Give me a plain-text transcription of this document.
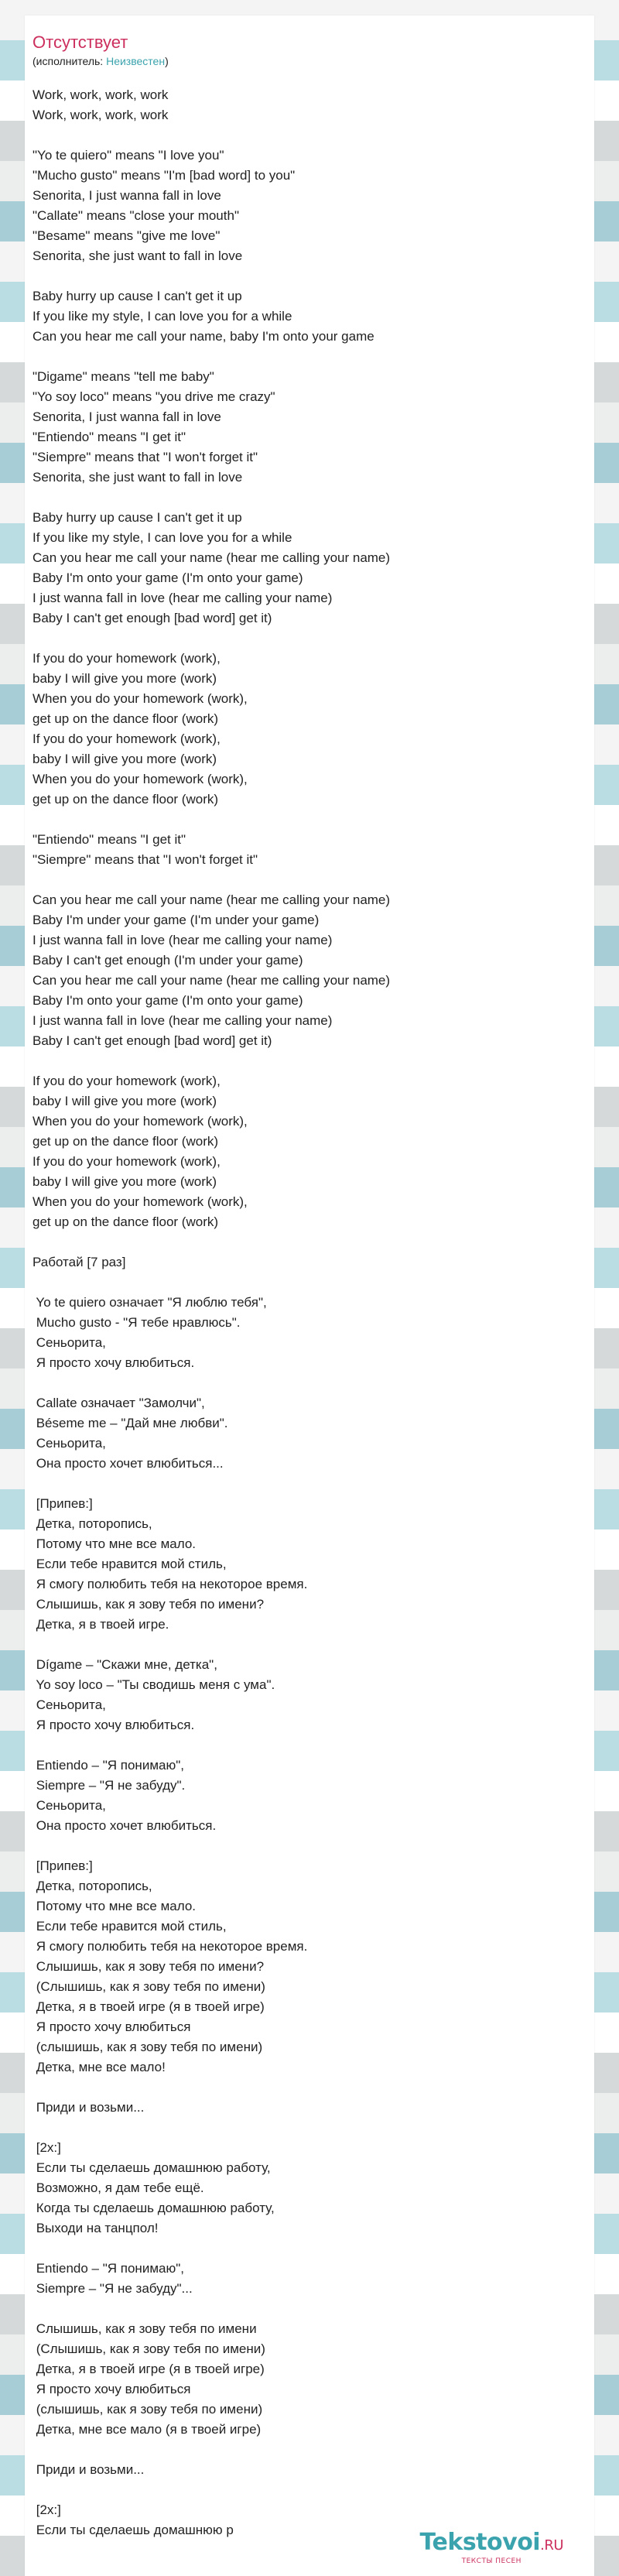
Отсутствует
(исполнитель: Неизвестен)
Work, work, work, work
Work, work, work, work
"Yo te quiero" means "I love you"
"Mucho gusto" means "I'm [bad word] to you"
Senorita, I just wanna fall in love
"Callate" means "close your mouth"
"Besame" means "give me love"
Senorita, she just want to fall in love
Baby hurry up cause I can't get it up
If you like my style, I can love you for a while
Can you hear me call your name, baby I'm onto your game
"Digame" means "tell me baby"
"Yo soy loco" means "you drive me crazy"
Senorita, I just wanna fall in love
"Entiendo" means "I get it"
"Siempre" means that "I won't forget it"
Senorita, she just want to fall in love
Baby hurry up cause I can't get it up
If you like my style, I can love you for a while
Can you hear me call your name (hear me calling your name)
Baby I'm onto your game (I'm onto your game)
I just wanna fall in love (hear me calling your name)
Baby I can't get enough [bad word] get it)
If you do your homework (work),
baby I will give you more (work)
When you do your homework (work),
get up on the dance floor (work)
If you do your homework (work),
baby I will give you more (work)
When you do your homework (work),
get up on the dance floor (work)
"Entiendo" means "I get it"
"Siempre" means that "I won't forget it"
Can you hear me call your name (hear me calling your name)
Baby I'm under your game (I'm under your game)
I just wanna fall in love (hear me calling your name)
Baby I can't get enough (I'm under your game)
Can you hear me call your name (hear me calling your name)
Baby I'm onto your game (I'm onto your game)
I just wanna fall in love (hear me calling your name)
Baby I can't get enough [bad word] get it)
If you do your homework (work),
baby I will give you more (work)
When you do your homework (work),
get up on the dance floor (work)
If you do your homework (work),
baby I will give you more (work)
When you do your homework (work),
get up on the dance floor (work)
Работай [7 раз]
Yo te quiero означает "Я люблю тебя",
Mucho gusto - "Я тебе нравлюсь".
Сеньорита,
Я просто хочу влюбиться.
Callate означает "Замолчи",
Béseme me – "Дай мне любви".
Сеньорита,
Она просто хочет влюбиться...
[Припев:]
Детка, поторопись,
Потому что мне все мало.
Если тебе нравится мой стиль,
Я смогу полюбить тебя на некоторое время.
Слышишь, как я зову тебя по имени?
Детка, я в твоей игре.
Dígame – "Скажи мне, детка",
Yo soy loco – "Ты сводишь меня с ума".
Сеньорита,
Я просто хочу влюбиться.
Entiendo – "Я понимаю",
Siempre – "Я не забуду".
Сеньорита,
Она просто хочет влюбиться.
[Припев:]
Детка, поторопись,
Потому что мне все мало.
Если тебе нравится мой стиль,
Я смогу полюбить тебя на некоторое время.
Слышишь, как я зову тебя по имени?
(Слышишь, как я зову тебя по имени)
Детка, я в твоей игре (я в твоей игре)
Я просто хочу влюбиться
(слышишь, как я зову тебя по имени)
Детка, мне все мало!
Приди и возьми...
[2x:]
Если ты сделаешь домашнюю работу,
Возможно, я дам тебе ещё.
Когда ты сделаешь домашнюю работу,
Выходи на танцпол!
Entiendo – "Я понимаю",
Siempre – "Я не забуду"...
Слышишь, как я зову тебя по имени
(Слышишь, как я зову тебя по имени)
Детка, я в твоей игре (я в твоей игре)
Я просто хочу влюбиться
(слышишь, как я зову тебя по имени)
Детка, мне все мало (я в твоей игре)
Приди и возьми...
[2x:]
Если ты сделаешь домашнюю р	Tekstovoi.RU
ТЕКСТЫ ПЕСЕН
